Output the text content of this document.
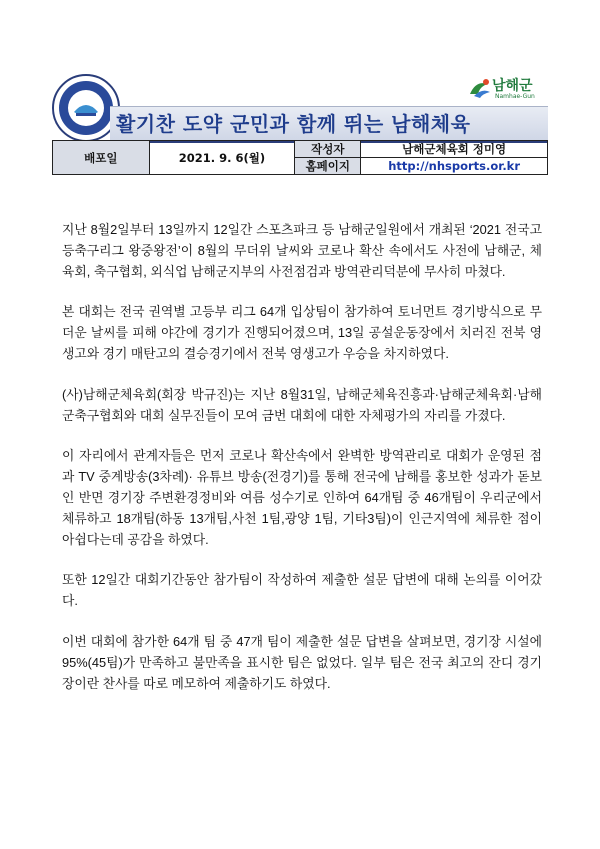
활기찬 도약 군민과 함께 뛰는 남해체육
남해군
Namhae-Gun
배포일	2021. 9. 6(월)	작성자	남해군체육회 정미영
		홈페이지	http://nhsports.or.kr

지난 8월2일부터 13일까지 12일간 스포츠파크 등 남해군일원에서 개최된 ‘2021 전국고등축구리그 왕중왕전’이 8월의 무더위 날씨와 코로나 확산 속에서도 사전에 남해군, 체육회, 축구협회, 외식업 남해군지부의 사전점검과 방역관리덕분에 무사히 마쳤다.

본 대회는 전국 권역별 고등부 리그 64개 입상팀이 참가하여 토너먼트 경기방식으로 무더운 날씨를 피해 야간에 경기가 진행되어졌으며, 13일 공설운동장에서 치러진 전북 영생고와 경기 매탄고의 결승경기에서 전북 영생고가 우승을 차지하였다.

(사)남해군체육회(회장 박규진)는 지난 8월31일, 남해군체육진흥과·남해군체육회·남해군축구협회와 대회 실무진들이 모여 금번 대회에 대한 자체평가의 자리를 가졌다.

이 자리에서 관계자들은 먼저 코로나 확산속에서 완벽한 방역관리로 대회가 운영된 점과 TV 중계방송(3차례)· 유튜브 방송(전경기)를 통해 전국에 남해를 홍보한 성과가 돋보인 반면 경기장 주변환경정비와 여름 성수기로 인하여 64개팀 중 46개팀이 우리군에서 체류하고 18개팀(하동 13개팀,사천 1팀,광양 1팀, 기타3팀)이 인근지역에 체류한 점이 아쉽다는데 공감을 하였다.

또한 12일간 대회기간동안 참가팀이 작성하여 제출한 설문 답변에 대해 논의를 이어갔다.

이번 대회에 참가한 64개 팀 중 47개 팀이 제출한 설문 답변을 살펴보면, 경기장 시설에 95%(45팀)가 만족하고 불만족을 표시한 팀은 없었다. 일부 팀은 전국 최고의 잔디 경기장이란 찬사를 따로 메모하여 제출하기도 하였다.
